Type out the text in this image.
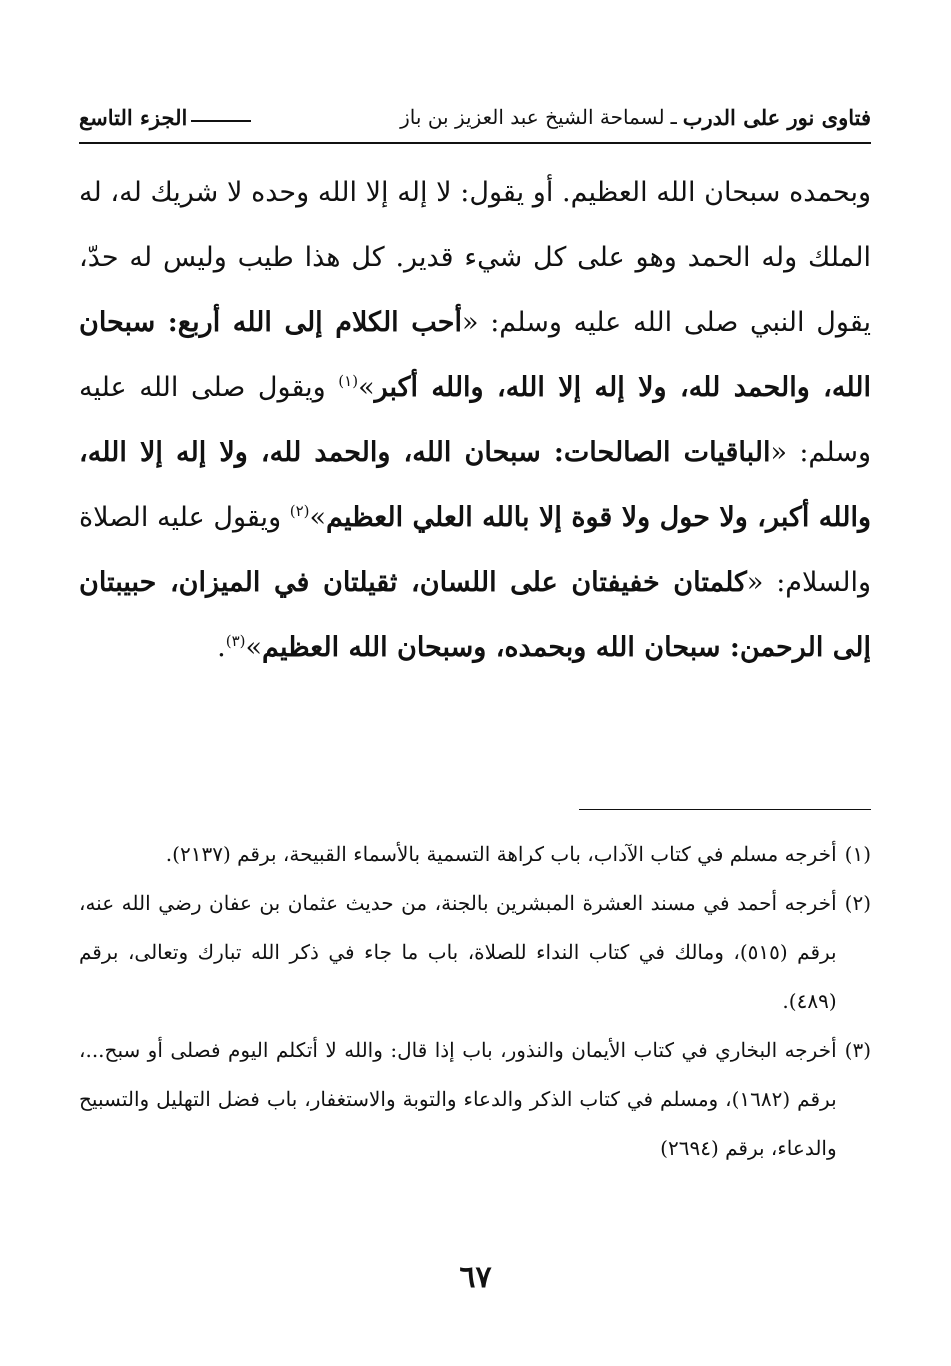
فتاوى نور على الدرب
ـ
لسماحة الشيخ عبد العزيز بن باز
الجزء التاسع

وبحمده سبحان الله العظيم. أو يقول: لا إله إلا الله وحده لا شريك له، له الملك وله الحمد وهو على كل شيء قدير. كل هذا طيب وليس له حدّ، يقول النبي صلى الله عليه وسلم: «أحب الكلام إلى الله أربع: سبحان الله، والحمد لله، ولا إله إلا الله، والله أكبر»$^{(١)}$ ويقول صلى الله عليه وسلم: «الباقيات الصالحات: سبحان الله، والحمد لله، ولا إله إلا الله، والله أكبر، ولا حول ولا قوة إلا بالله العلي العظيم»$^{(٢)}$ ويقول عليه الصلاة والسلام: «كلمتان خفيفتان على اللسان، ثقيلتان في الميزان، حبيبتان إلى الرحمن: سبحان الله وبحمده، وسبحان الله العظيم»$^{(٣)}$.

(١)
أخرجه مسلم في كتاب الآداب، باب كراهة التسمية بالأسماء القبيحة، برقم (٢١٣٧).
(٢)
أخرجه أحمد في مسند العشرة المبشرين بالجنة، من حديث عثمان بن عفان رضي الله عنه، برقم (٥١٥)، ومالك في كتاب النداء للصلاة، باب ما جاء في ذكر الله تبارك وتعالى، برقم (٤٨٩).
(٣)
أخرجه البخاري في كتاب الأيمان والنذور، باب إذا قال: والله لا أتكلم اليوم فصلى أو سبح...، برقم (١٦٨٢)، ومسلم في كتاب الذكر والدعاء والتوبة والاستغفار، باب فضل التهليل والتسبيح والدعاء، برقم (٢٦٩٤)
٦٧
